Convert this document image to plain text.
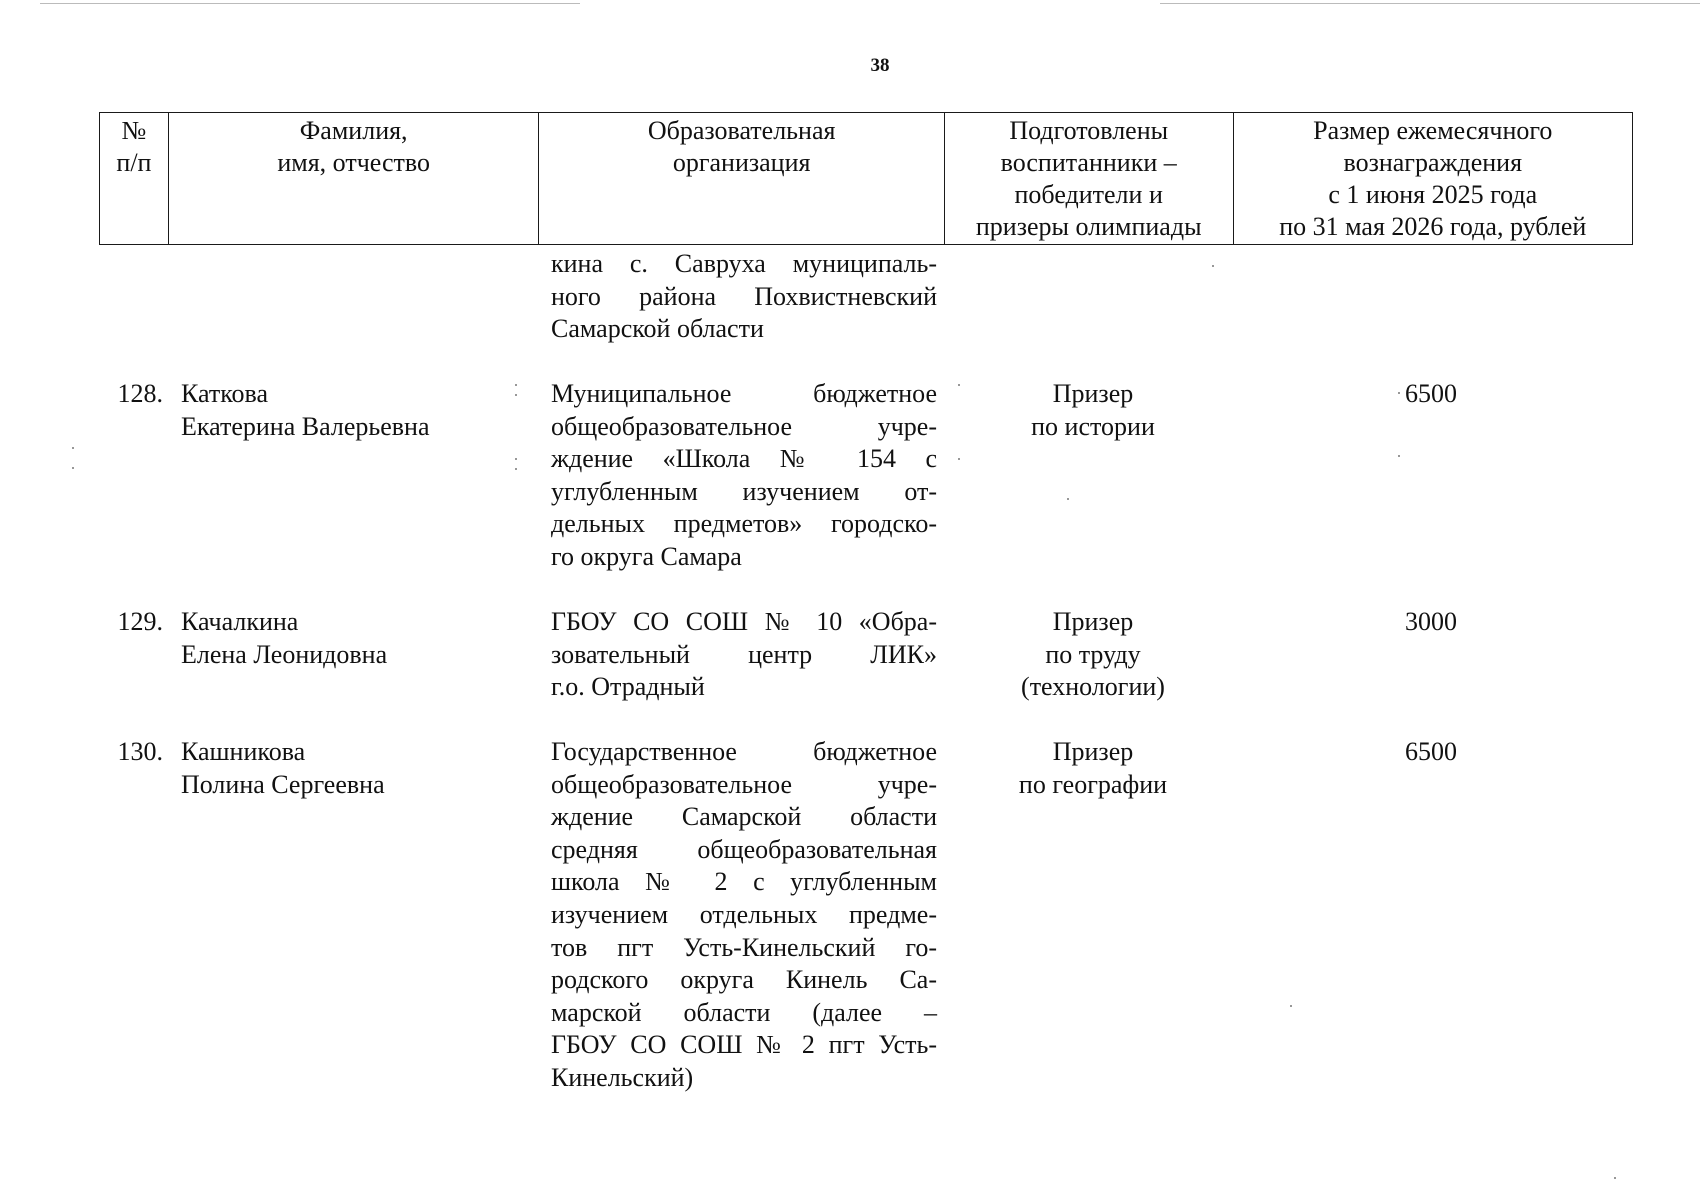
38
№
п/п
Фамилия,
имя, отчество
Образовательная
организация
Подготовлены
воспитанники –
победители и
призеры олимпиады
Размер ежемесячного
вознаграждения
с 1 июня 2025 года
по 31 мая 2026 года, рублей
кина с. Савруха муниципаль-
ного района Похвистневский
Самарской области
128. Каткова
Екатерина Валерьевна
Муниципальное бюджетное
общеобразовательное учре-
ждение «Школа № 154 с
углубленным изучением от-
дельных предметов» городско-
го округа Самара
Призер
по истории
6500
129. Качалкина
Елена Леонидовна
ГБОУ СО СОШ № 10 «Обра-
зовательный центр ЛИК»
г.о. Отрадный
Призер
по труду
(технологии)
3000
130. Кашникова
Полина Сергеевна
Государственное бюджетное
общеобразовательное учре-
ждение Самарской области
средняя общеобразовательная
школа № 2 с углубленным
изучением отдельных предме-
тов пгт Усть-Кинельский го-
родского округа Кинель Са-
марской области (далее –
ГБОУ СО СОШ № 2 пгт Усть-
Кинельский)
Призер
по географии
6500
